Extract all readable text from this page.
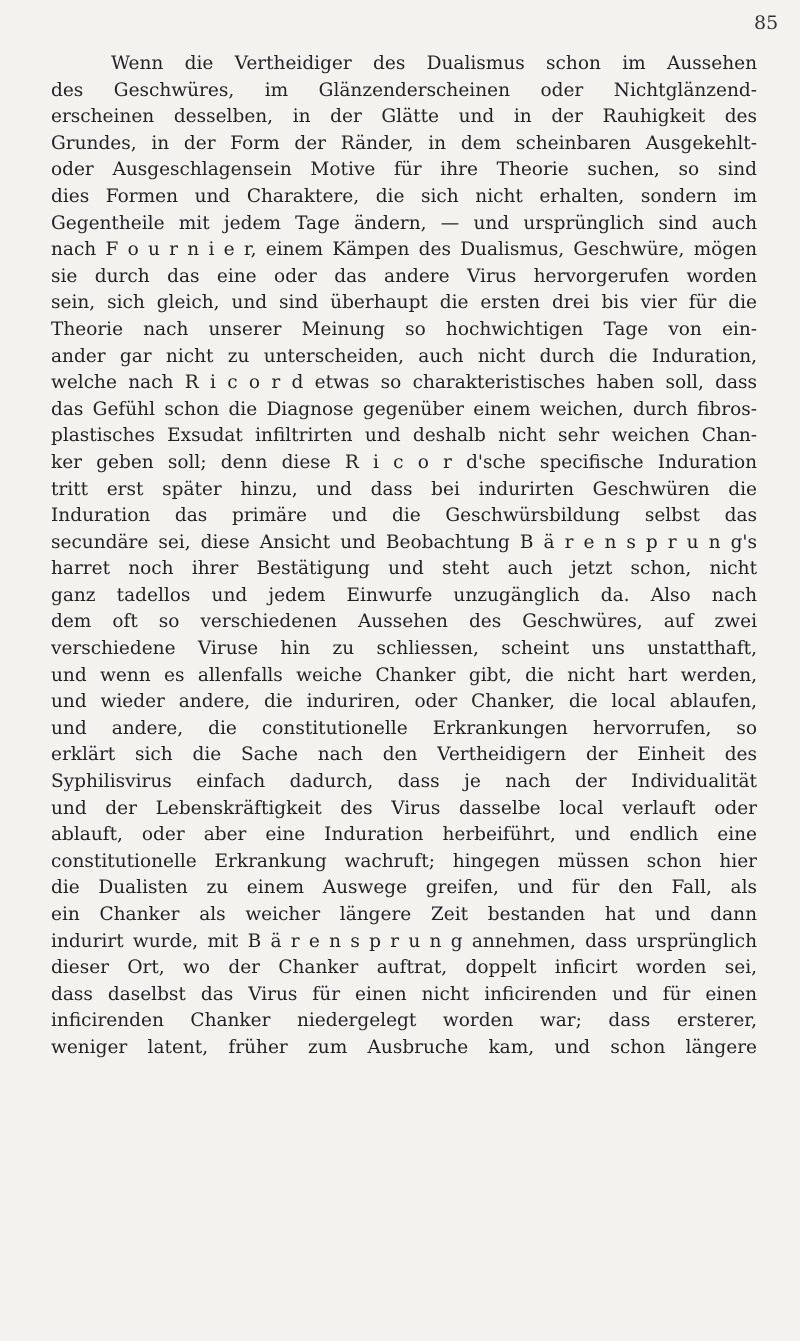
85
Wenn die Vertheidiger des Dualismus schon im Aussehen
des Geschwüres, im Glänzenderscheinen oder Nichtglänzend-
erscheinen desselben, in der Glätte und in der Rauhigkeit des
Grundes, in der Form der Ränder, in dem scheinbaren Ausgekehlt-
oder Ausgeschlagensein Motive für ihre Theorie suchen, so sind
dies Formen und Charaktere, die sich nicht erhalten, sondern im
Gegentheile mit jedem Tage ändern, — und ursprünglich sind auch
nach F o u r n i e r, einem Kämpen des Dualismus, Geschwüre, mögen
sie durch das eine oder das andere Virus hervorgerufen worden
sein, sich gleich, und sind überhaupt die ersten drei bis vier für die
Theorie nach unserer Meinung so hochwichtigen Tage von ein-
ander gar nicht zu unterscheiden, auch nicht durch die Induration,
welche nach R i c o r d etwas so charakteristisches haben soll, dass
das Gefühl schon die Diagnose gegenüber einem weichen, durch fibros-
plastisches Exsudat infiltrirten und deshalb nicht sehr weichen Chan-
ker geben soll; denn diese R i c o r d'sche specifische Induration
tritt erst später hinzu, und dass bei indurirten Geschwüren die
Induration das primäre und die Geschwürsbildung selbst das
secundäre sei, diese Ansicht und Beobachtung B ä r e n s p r u n g's
harret noch ihrer Bestätigung und steht auch jetzt schon, nicht
ganz tadellos und jedem Einwurfe unzugänglich da. Also nach
dem oft so verschiedenen Aussehen des Geschwüres, auf zwei
verschiedene Viruse hin zu schliessen, scheint uns unstatthaft,
und wenn es allenfalls weiche Chanker gibt, die nicht hart werden,
und wieder andere, die induriren, oder Chanker, die local ablaufen,
und andere, die constitutionelle Erkrankungen hervorrufen, so
erklärt sich die Sache nach den Vertheidigern der Einheit des
Syphilisvirus einfach dadurch, dass je nach der Individualität
und der Lebenskräftigkeit des Virus dasselbe local verlauft oder
ablauft, oder aber eine Induration herbeiführt, und endlich eine
constitutionelle Erkrankung wachruft; hingegen müssen schon hier
die Dualisten zu einem Auswege greifen, und für den Fall, als
ein Chanker als weicher längere Zeit bestanden hat und dann
indurirt wurde, mit B ä r e n s p r u n g annehmen, dass ursprünglich
dieser Ort, wo der Chanker auftrat, doppelt inficirt worden sei,
dass daselbst das Virus für einen nicht inficirenden und für einen
inficirenden Chanker niedergelegt worden war; dass ersterer,
weniger latent, früher zum Ausbruche kam, und schon längere
